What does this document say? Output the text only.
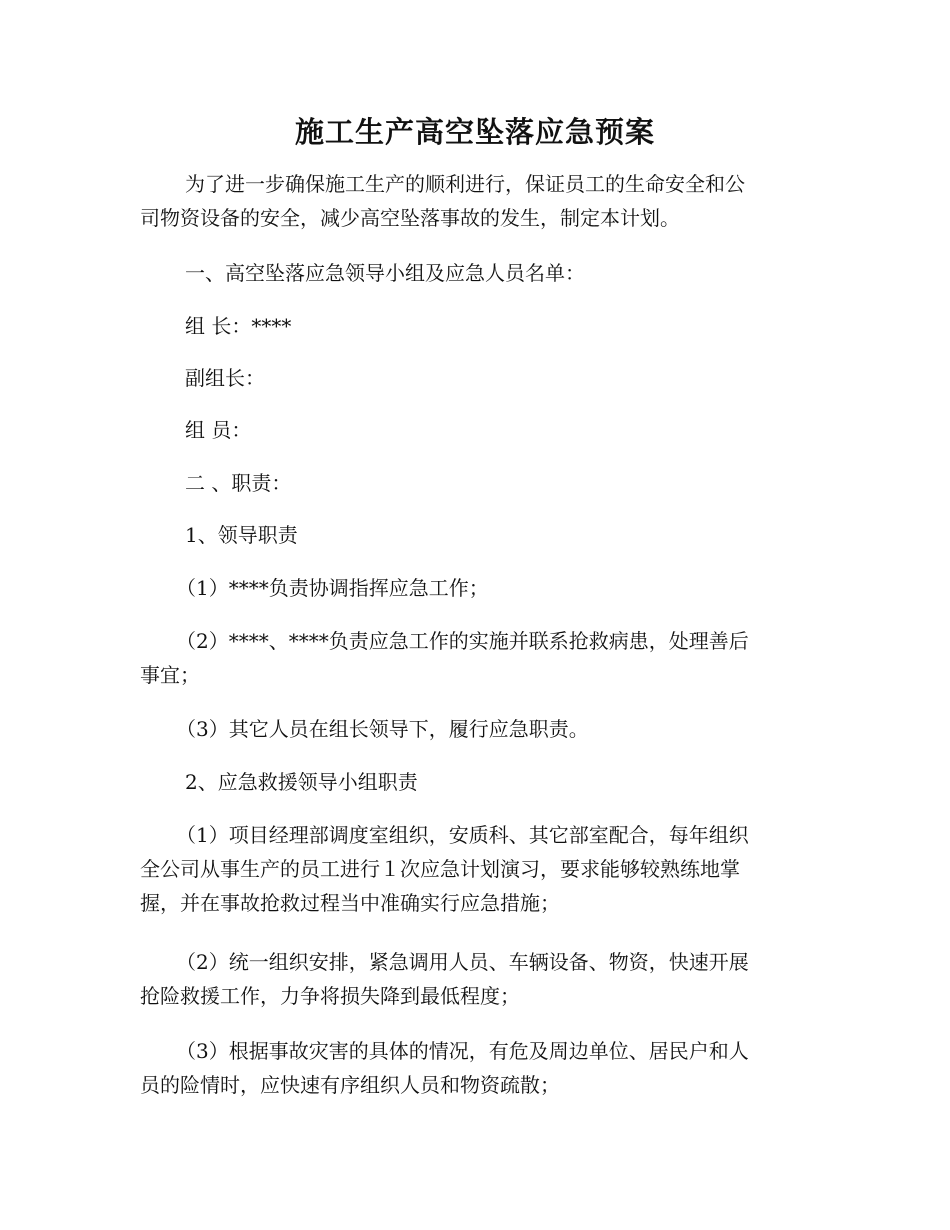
施工生产高空坠落应急预案

为了进一步确保施工生产的顺利进行，保证员工的生命安全和公
司物资设备的安全，减少高空坠落事故的发生，制定本计划。

一、高空坠落应急领导小组及应急人员名单：

组 长：****

副组长：

组 员：

二 、职责：

1、领导职责

（1）****负责协调指挥应急工作；

（2）****、****负责应急工作的实施并联系抢救病患，处理善后
事宜；

（3）其它人员在组长领导下，履行应急职责。

2、应急救援领导小组职责

（1）项目经理部调度室组织，安质科、其它部室配合，每年组织
全公司从事生产的员工进行１次应急计划演习，要求能够较熟练地掌
握，并在事故抢救过程当中准确实行应急措施；

（2）统一组织安排，紧急调用人员、车辆设备、物资，快速开展
抢险救援工作，力争将损失降到最低程度；

（3）根据事故灾害的具体的情况，有危及周边单位、居民户和人
员的险情时，应快速有序组织人员和物资疏散；
